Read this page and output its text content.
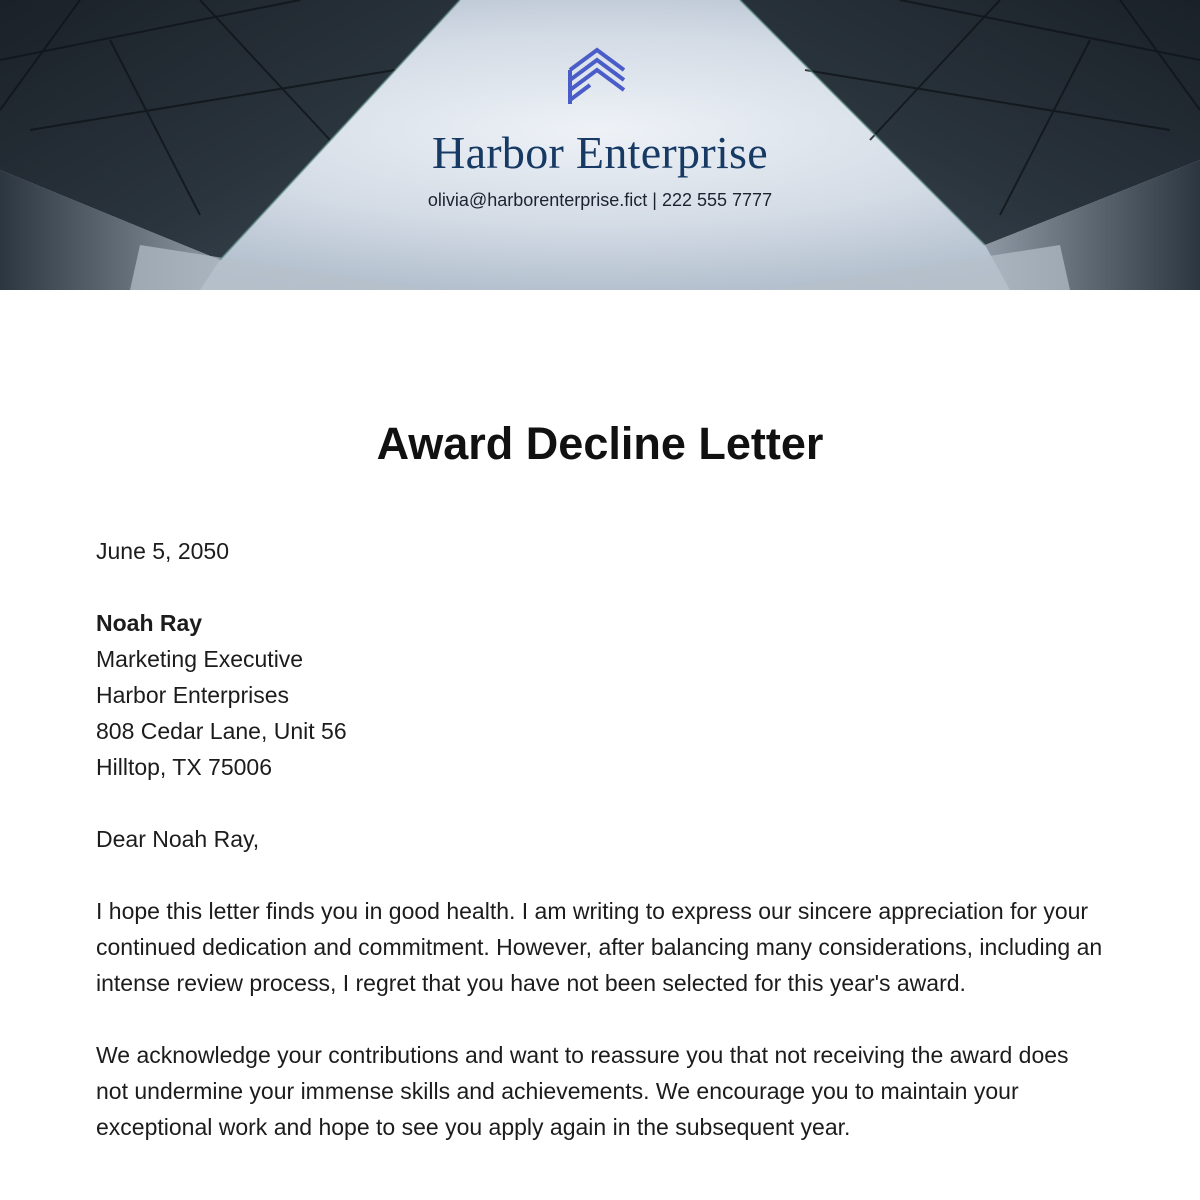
Harbor Enterprise
olivia@harborenterprise.fict | 222 555 7777
Award Decline Letter

June 5, 2050

Noah Ray
Marketing Executive
Harbor Enterprises
808 Cedar Lane, Unit 56
Hilltop, TX 75006

Dear Noah Ray,

I hope this letter finds you in good health. I am writing to express our sincere appreciation for your continued dedication and commitment. However, after balancing many considerations, including an intense review process, I regret that you have not been selected for this year's award.

We acknowledge your contributions and want to reassure you that not receiving the award does not undermine your immense skills and achievements. We encourage you to maintain your exceptional work and hope to see you apply again in the subsequent year.
